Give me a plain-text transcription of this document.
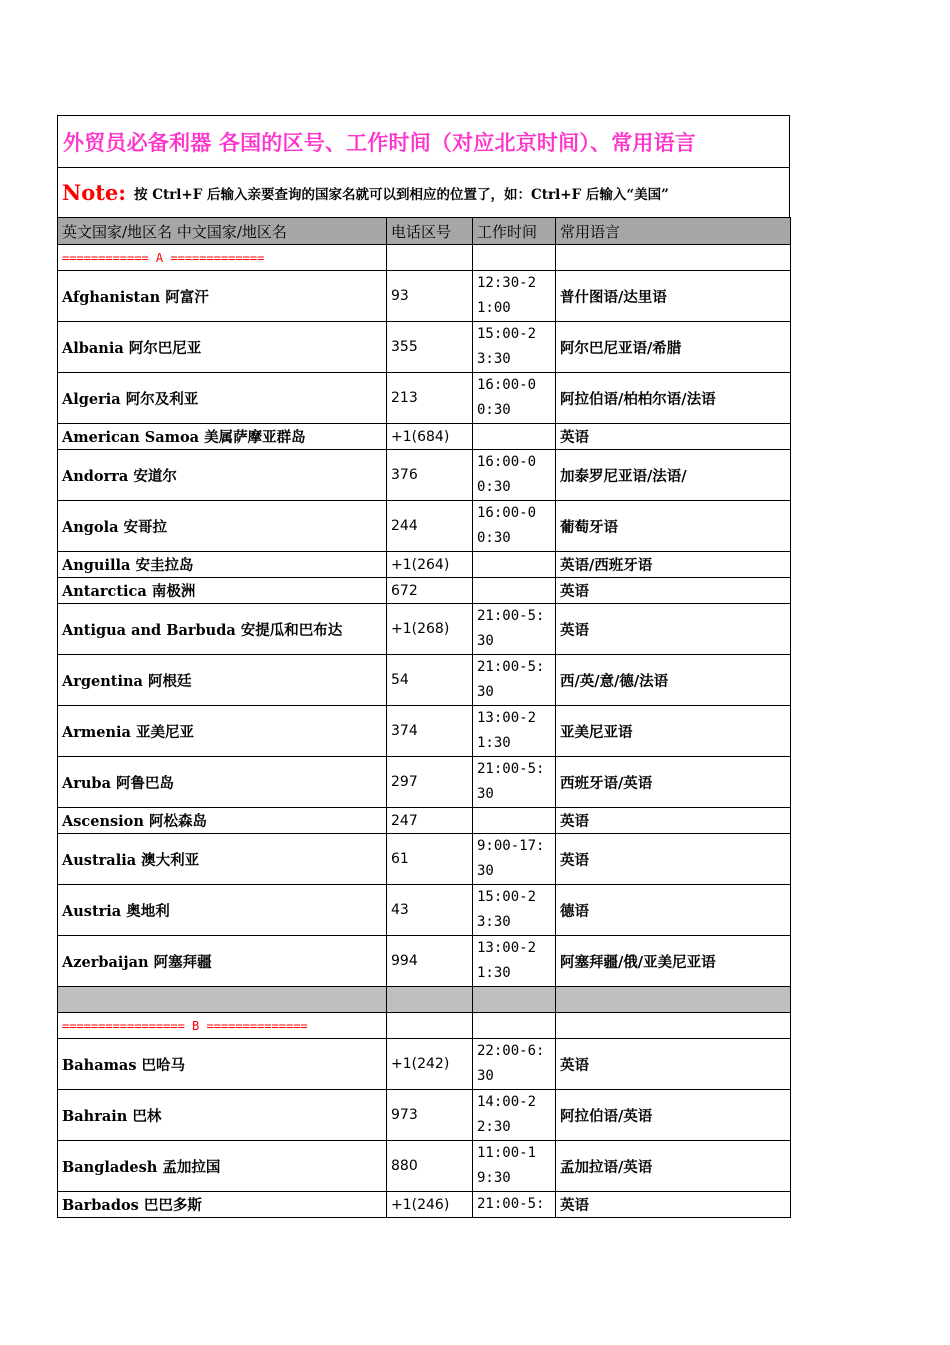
外贸员必备利器 各国的区号、工作时间（对应北京时间）、常用语言
Note: 按 Ctrl+F 后输入亲要查询的国家名就可以到相应的位置了，如：Ctrl+F 后输入“美国”
英文国家/地区名 中文国家/地区名	电话区号	工作时间	常用语言
============ A =============			
Afghanistan 阿富汗	93	12:30-21:00	普什图语/达里语
Albania 阿尔巴尼亚	355	15:00-23:30	阿尔巴尼亚语/希腊
Algeria 阿尔及利亚	213	16:00-00:30	阿拉伯语/柏柏尔语/法语
American Samoa 美属萨摩亚群岛	+1(684)		英语
Andorra 安道尔	376	16:00-00:30	加泰罗尼亚语/法语/
Angola 安哥拉	244	16:00-00:30	葡萄牙语
Anguilla 安圭拉岛	+1(264)		英语/西班牙语
Antarctica 南极洲	672		英语
Antigua and Barbuda 安提瓜和巴布达	+1(268)	21:00-5:30	英语
Argentina 阿根廷	54	21:00-5:30	西/英/意/德/法语
Armenia 亚美尼亚	374	13:00-21:30	亚美尼亚语
Aruba 阿鲁巴岛	297	21:00-5:30	西班牙语/英语
Ascension 阿松森岛	247		英语
Australia 澳大利亚	61	9:00-17:30	英语
Austria 奥地利	43	15:00-23:30	德语
Azerbaijan 阿塞拜疆	994	13:00-21:30	阿塞拜疆/俄/亚美尼亚语

================= B ==============			
Bahamas 巴哈马	+1(242)	22:00-6:30	英语
Bahrain 巴林	973	14:00-22:30	阿拉伯语/英语
Bangladesh 孟加拉国	880	11:00-19:30	孟加拉语/英语
Barbados 巴巴多斯	+1(246)	21:00-5:	英语
